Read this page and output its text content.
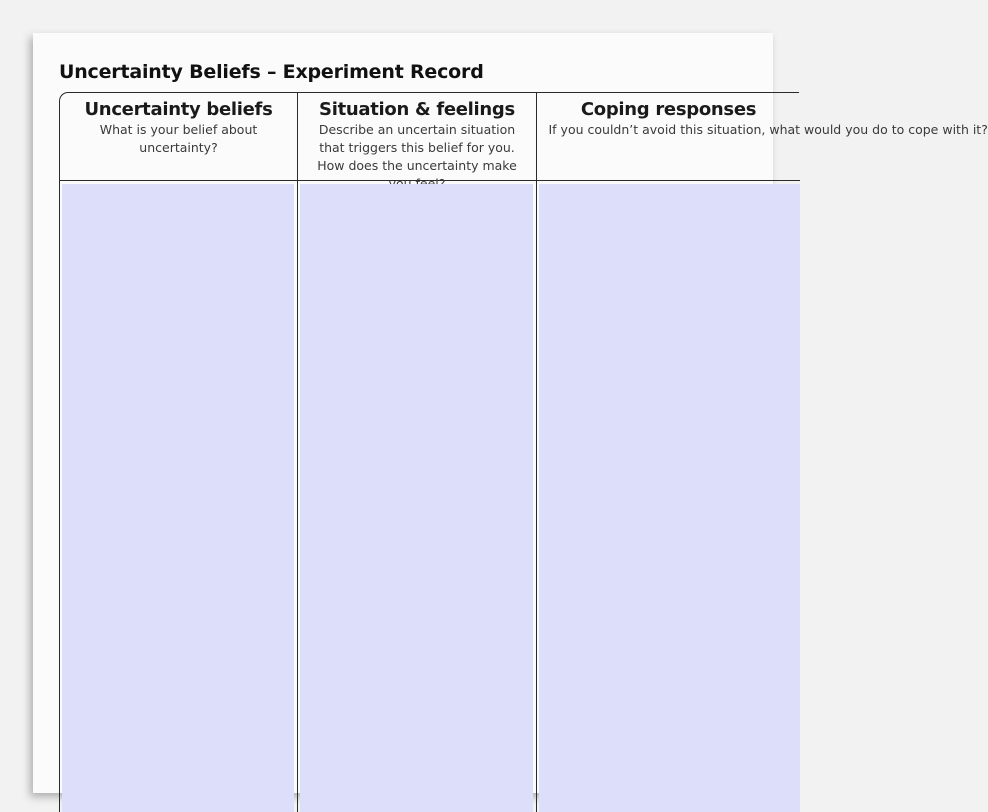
Uncertainty Beliefs – Experiment Record
Uncertainty beliefs
What is your belief about uncertainty?
Situation & feelings
Describe an uncertain situation that triggers this belief for you. How does the uncertainty make
Coping responses
If you couldn’t avoid this situation, what would you do to cope with it?
